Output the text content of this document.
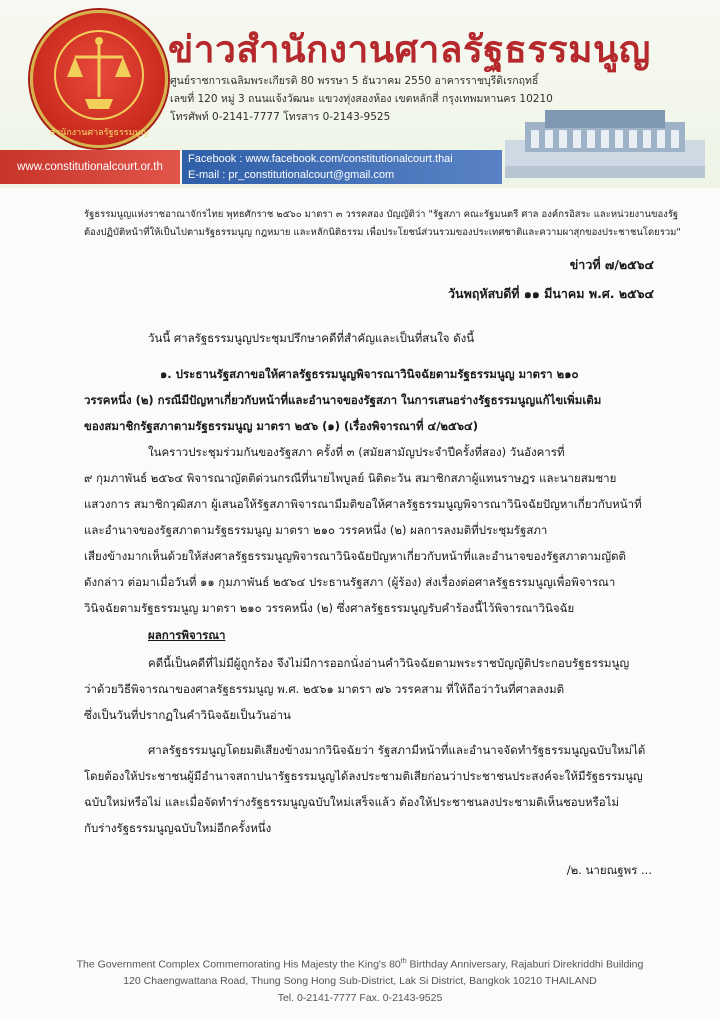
สำนักงานศาลรัฐธรรมนูญ
ข่าวสำนักงานศาลรัฐธรรมนูญ
ศูนย์ราชการเฉลิมพระเกียรติ 80 พรรษา 5 ธันวาคม 2550 อาคารราชบุรีดิเรกฤทธิ์
เลขที่ 120 หมู่ 3 ถนนแจ้งวัฒนะ แขวงทุ่งสองห้อง เขตหลักสี่ กรุงเทพมหานคร 10210
โทรศัพท์ 0-2141-7777 โทรสาร 0-2143-9525
www.constitutionalcourt.or.th
Facebook : www.facebook.com/constitutionalcourt.thai
E-mail : pr_constitutionalcourt@gmail.com
รัฐธรรมนูญแห่งราชอาณาจักรไทย พุทธศักราช ๒๕๖๐ มาตรา ๓ วรรคสอง บัญญัติว่า "รัฐสภา คณะรัฐมนตรี ศาล องค์กรอิสระ และหน่วยงานของรัฐ
ต้องปฏิบัติหน้าที่ให้เป็นไปตามรัฐธรรมนูญ กฎหมาย และหลักนิติธรรม เพื่อประโยชน์ส่วนรวมของประเทศชาติและความผาสุกของประชาชนโดยรวม"
ข่าวที่ ๗/๒๕๖๔
วันพฤหัสบดีที่ ๑๑ มีนาคม พ.ศ. ๒๕๖๔
วันนี้ ศาลรัฐธรรมนูญประชุมปรึกษาคดีที่สำคัญและเป็นที่สนใจ ดังนี้
๑. ประธานรัฐสภาขอให้ศาลรัฐธรรมนูญพิจารณาวินิจฉัยตามรัฐธรรมนูญ มาตรา ๒๑๐
วรรคหนึ่ง (๒) กรณีมีปัญหาเกี่ยวกับหน้าที่และอำนาจของรัฐสภา ในการเสนอร่างรัฐธรรมนูญแก้ไขเพิ่มเติม
ของสมาชิกรัฐสภาตามรัฐธรรมนูญ มาตรา ๒๕๖ (๑) (เรื่องพิจารณาที่ ๔/๒๕๖๔)
ในคราวประชุมร่วมกันของรัฐสภา ครั้งที่ ๓ (สมัยสามัญประจำปีครั้งที่สอง) วันอังคารที่
๙ กุมภาพันธ์ ๒๕๖๔ พิจารณาญัตติด่วนกรณีที่นายไพบูลย์ นิติตะวัน สมาชิกสภาผู้แทนราษฎร และนายสมชาย
แสวงการ สมาชิกวุฒิสภา ผู้เสนอให้รัฐสภาพิจารณามีมติขอให้ศาลรัฐธรรมนูญพิจารณาวินิจฉัยปัญหาเกี่ยวกับหน้าที่
และอำนาจของรัฐสภาตามรัฐธรรมนูญ มาตรา ๒๑๐ วรรคหนึ่ง (๒) ผลการลงมติที่ประชุมรัฐสภา
เสียงข้างมากเห็นด้วยให้ส่งศาลรัฐธรรมนูญพิจารณาวินิจฉัยปัญหาเกี่ยวกับหน้าที่และอำนาจของรัฐสภาตามญัตติ
ดังกล่าว ต่อมาเมื่อวันที่ ๑๑ กุมภาพันธ์ ๒๕๖๔ ประธานรัฐสภา (ผู้ร้อง) ส่งเรื่องต่อศาลรัฐธรรมนูญเพื่อพิจารณา
วินิจฉัยตามรัฐธรรมนูญ มาตรา ๒๑๐ วรรคหนึ่ง (๒) ซึ่งศาลรัฐธรรมนูญรับคำร้องนี้ไว้พิจารณาวินิจฉัย
ผลการพิจารณา
คดีนี้เป็นคดีที่ไม่มีผู้ถูกร้อง จึงไม่มีการออกนั่งอ่านคำวินิจฉัยตามพระราชบัญญัติประกอบรัฐธรรมนูญ
ว่าด้วยวิธีพิจารณาของศาลรัฐธรรมนูญ พ.ศ. ๒๕๖๑ มาตรา ๗๖ วรรคสาม ที่ให้ถือว่าวันที่ศาลลงมติ
ซึ่งเป็นวันที่ปรากฏในคำวินิจฉัยเป็นวันอ่าน
ศาลรัฐธรรมนูญโดยมติเสียงข้างมากวินิจฉัยว่า รัฐสภามีหน้าที่และอำนาจจัดทำรัฐธรรมนูญฉบับใหม่ได้
โดยต้องให้ประชาชนผู้มีอำนาจสถาปนารัฐธรรมนูญได้ลงประชามติเสียก่อนว่าประชาชนประสงค์จะให้มีรัฐธรรมนูญ
ฉบับใหม่หรือไม่ และเมื่อจัดทำร่างรัฐธรรมนูญฉบับใหม่เสร็จแล้ว ต้องให้ประชาชนลงประชามติเห็นชอบหรือไม่
กับร่างรัฐธรรมนูญฉบับใหม่อีกครั้งหนึ่ง
/๒. นายณฐพร ...
The Government Complex Commemorating His Majesty the King's 80th Birthday Anniversary, Rajaburi Direkriddhi Building
120 Chaengwattana Road, Thung Song Hong Sub-District, Lak Si District, Bangkok 10210 THAILAND
Tel. 0-2141-7777 Fax. 0-2143-9525
